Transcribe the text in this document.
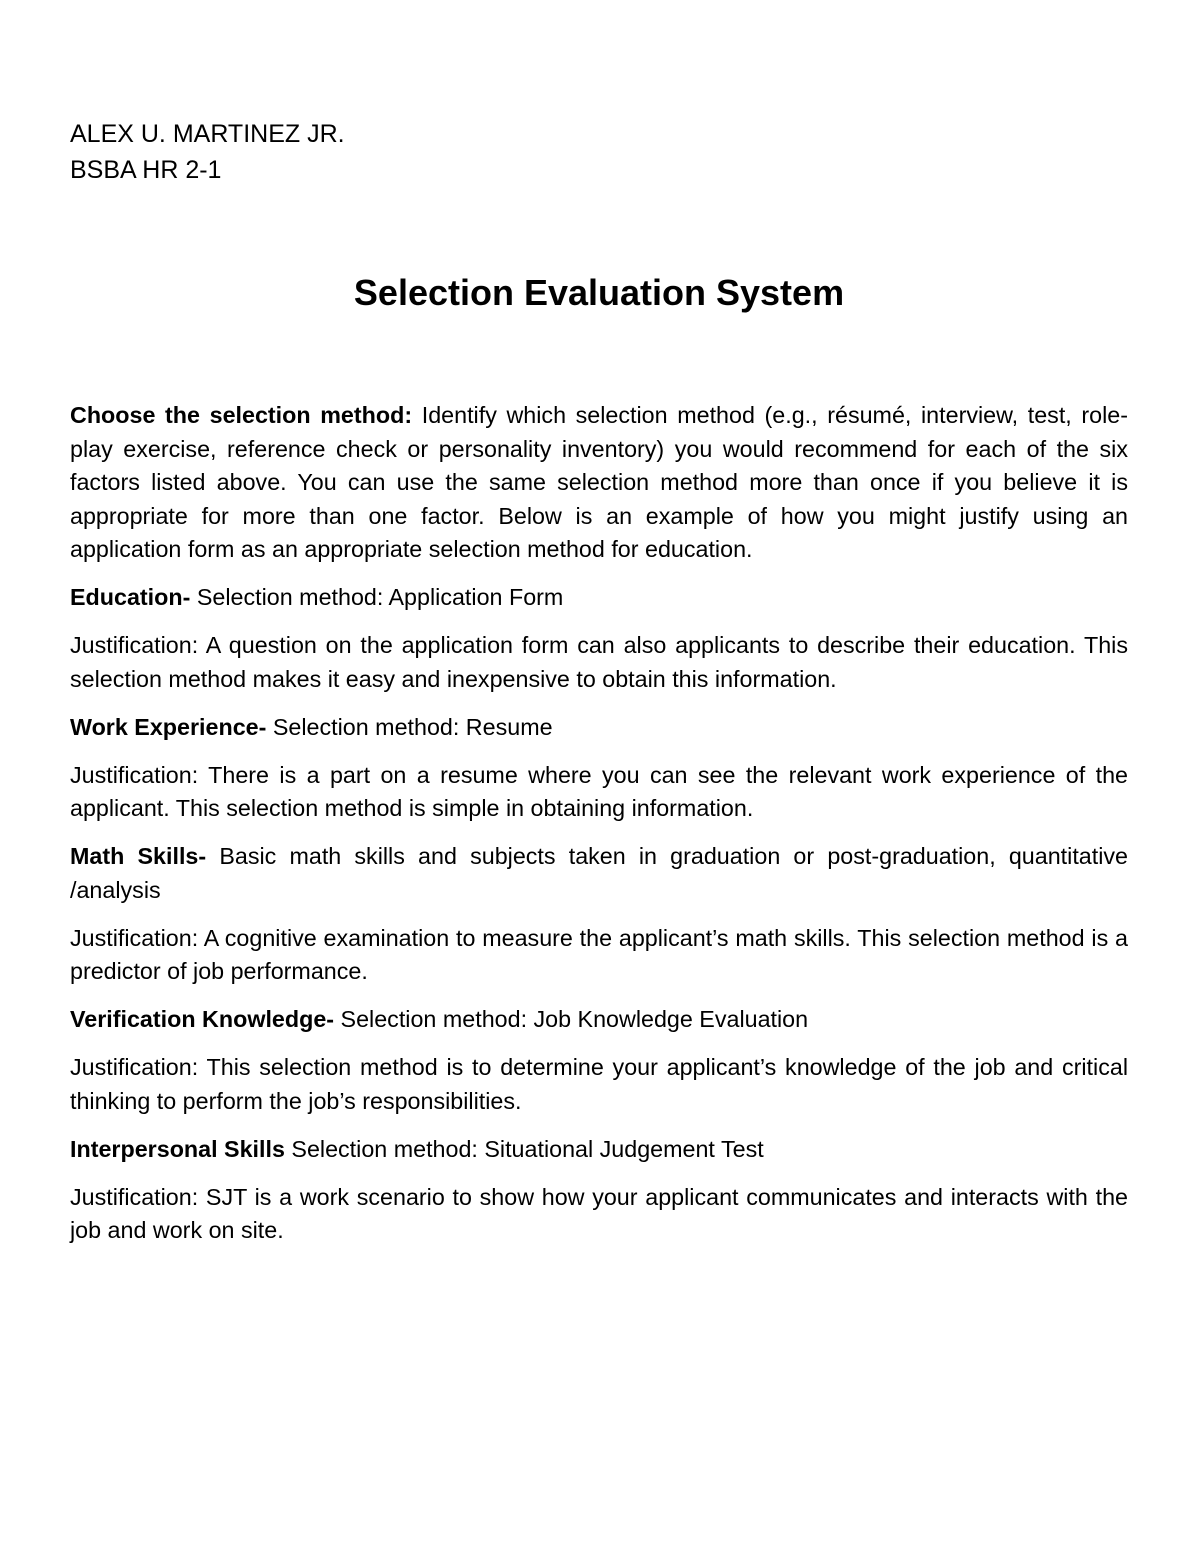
ALEX U. MARTINEZ JR.
BSBA HR 2-1
Selection Evaluation System

Choose the selection method: Identify which selection method (e.g., résumé, interview, test, role-play exercise, reference check or personality inventory) you would recommend for each of the six factors listed above. You can use the same selection method more than once if you believe it is appropriate for more than one factor. Below is an example of how you might justify using an application form as an appropriate selection method for education.

Education- Selection method: Application Form

Justification: A question on the application form can also applicants to describe their education. This selection method makes it easy and inexpensive to obtain this information.

Work Experience- Selection method: Resume

Justification: There is a part on a resume where you can see the relevant work experience of the applicant. This selection method is simple in obtaining information.

Math Skills- Basic math skills and subjects taken in graduation or post-graduation, quantitative /analysis

Justification: A cognitive examination to measure the applicant’s math skills. This selection method is a predictor of job performance.

Verification Knowledge- Selection method: Job Knowledge Evaluation

Justification: This selection method is to determine your applicant’s knowledge of the job and critical thinking to perform the job’s responsibilities.

Interpersonal Skills Selection method: Situational Judgement Test

Justification: SJT is a work scenario to show how your applicant communicates and interacts with the job and work on site.
